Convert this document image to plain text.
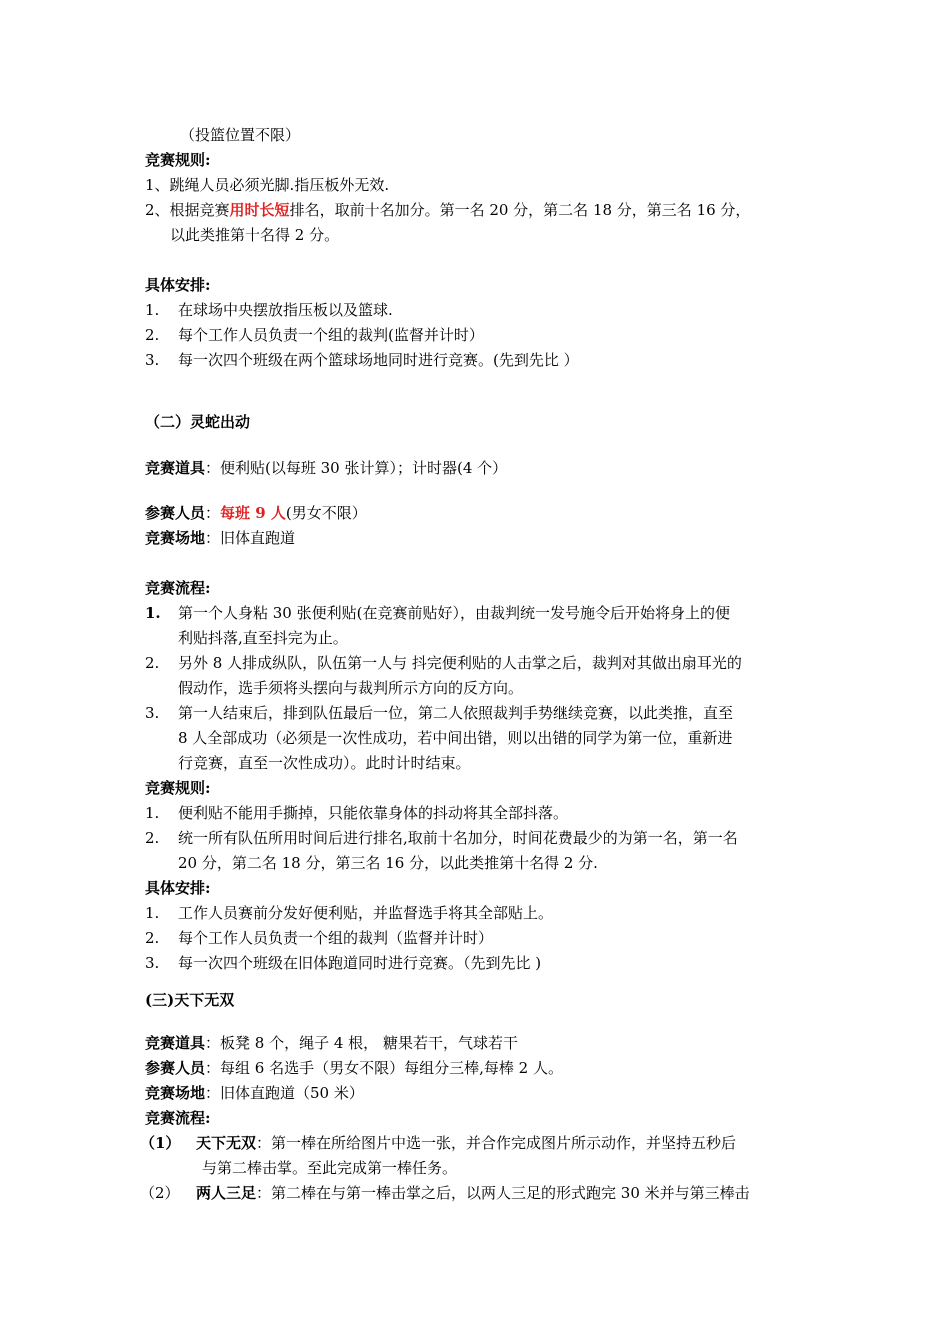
（投篮位置不限）
竞赛规则:
1、跳绳人员必须光脚.指压板外无效.
2、根据竞赛用时长短排名，取前十名加分。第一名 20 分，第二名 18 分，第三名 16 分，
以此类推第十名得 2 分。
具体安排:
1. 在球场中央摆放指压板以及篮球.
2. 每个工作人员负责一个组的裁判(监督并计时）
3. 每一次四个班级在两个篮球场地同时进行竞赛。(先到先比 ）
（二）灵蛇出动
竞赛道具：便利贴(以每班 30 张计算）；计时器(4 个）
参赛人员：每班 9 人(男女不限）
竞赛场地：旧体直跑道
竞赛流程:
1. 第一个人身粘 30 张便利贴(在竞赛前贴好），由裁判统一发号施令后开始将身上的便
利贴抖落,直至抖完为止。
2. 另外 8 人排成纵队，队伍第一人与 抖完便利贴的人击掌之后，裁判对其做出扇耳光的
假动作，选手须将头摆向与裁判所示方向的反方向。
3. 第一人结束后，排到队伍最后一位，第二人依照裁判手势继续竞赛，以此类推，直至
8 人全部成功（必须是一次性成功，若中间出错，则以出错的同学为第一位，重新进
行竞赛，直至一次性成功）。此时计时结束。
竞赛规则:
1. 便利贴不能用手撕掉，只能依靠身体的抖动将其全部抖落。
2. 统一所有队伍所用时间后进行排名,取前十名加分，时间花费最少的为第一名，第一名
20 分，第二名 18 分，第三名 16 分，以此类推第十名得 2 分.
具体安排:
1. 工作人员赛前分发好便利贴，并监督选手将其全部贴上。
2. 每个工作人员负责一个组的裁判（监督并计时）
3. 每一次四个班级在旧体跑道同时进行竞赛。（先到先比 )
(三)天下无双
竞赛道具：板凳 8 个，绳子 4 根， 糖果若干，气球若干
参赛人员：每组 6 名选手（男女不限）每组分三棒,每棒 2 人。
竞赛场地：旧体直跑道（50 米）
竞赛流程:
（1） 天下无双：第一棒在所给图片中选一张，并合作完成图片所示动作，并坚持五秒后
与第二棒击掌。至此完成第一棒任务。
（2） 两人三足：第二棒在与第一棒击掌之后，以两人三足的形式跑完 30 米并与第三棒击
